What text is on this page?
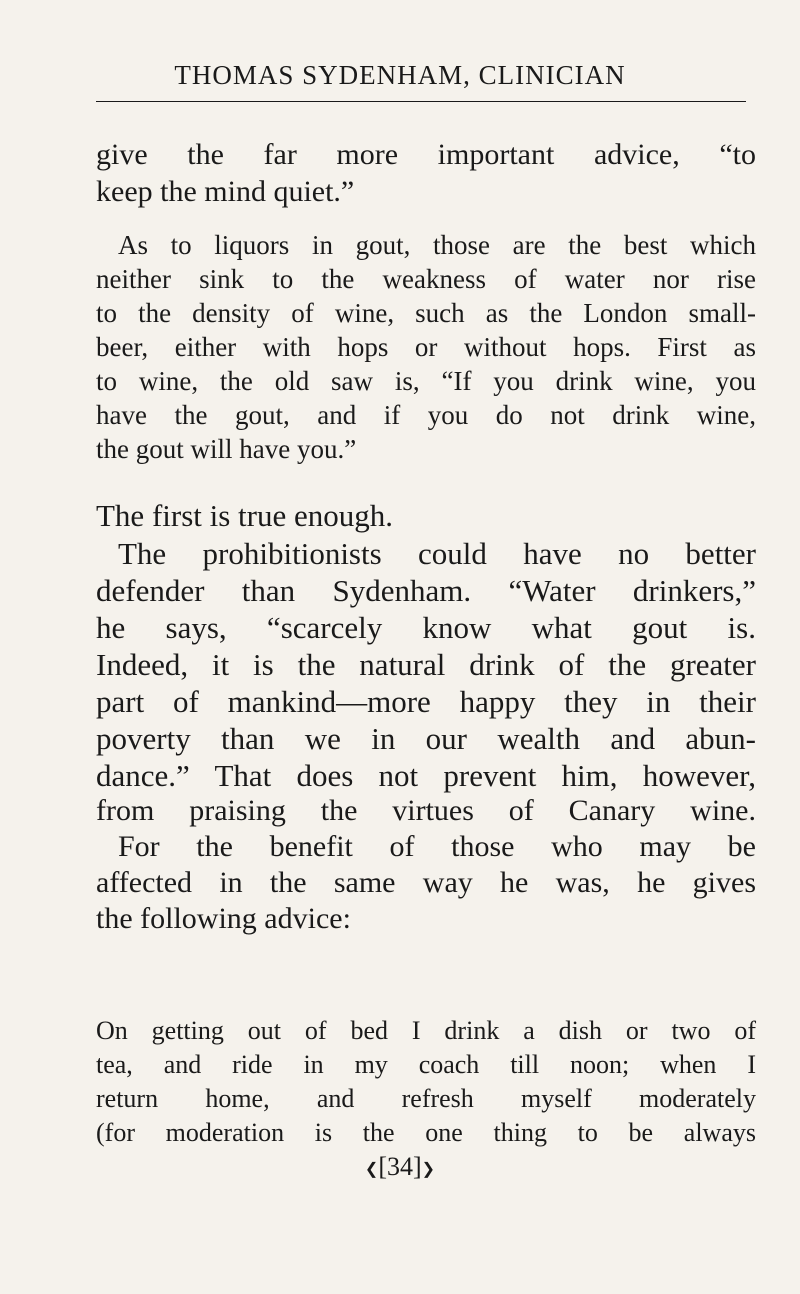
THOMAS SYDENHAM, CLINICIAN
give the far more important advice, “to
keep the mind quiet.”
As to liquors in gout, those are the best which
neither sink to the weakness of water nor rise
to the density of wine, such as the London small-
beer, either with hops or without hops. First as
to wine, the old saw is, “If you drink wine, you
have the gout, and if you do not drink wine,
the gout will have you.”
The first is true enough.
The prohibitionists could have no better
defender than Sydenham. “Water drinkers,”
he says, “scarcely know what gout is.
Indeed, it is the natural drink of the greater
part of mankind—more happy they in their
poverty than we in our wealth and abun-
dance.” That does not prevent him, however,
from praising the virtues of Canary wine.
For the benefit of those who may be
affected in the same way he was, he gives
the following advice:
On getting out of bed I drink a dish or two of
tea, and ride in my coach till noon; when I
return home, and refresh myself moderately
(for moderation is the one thing to be always
❮[34]❯
